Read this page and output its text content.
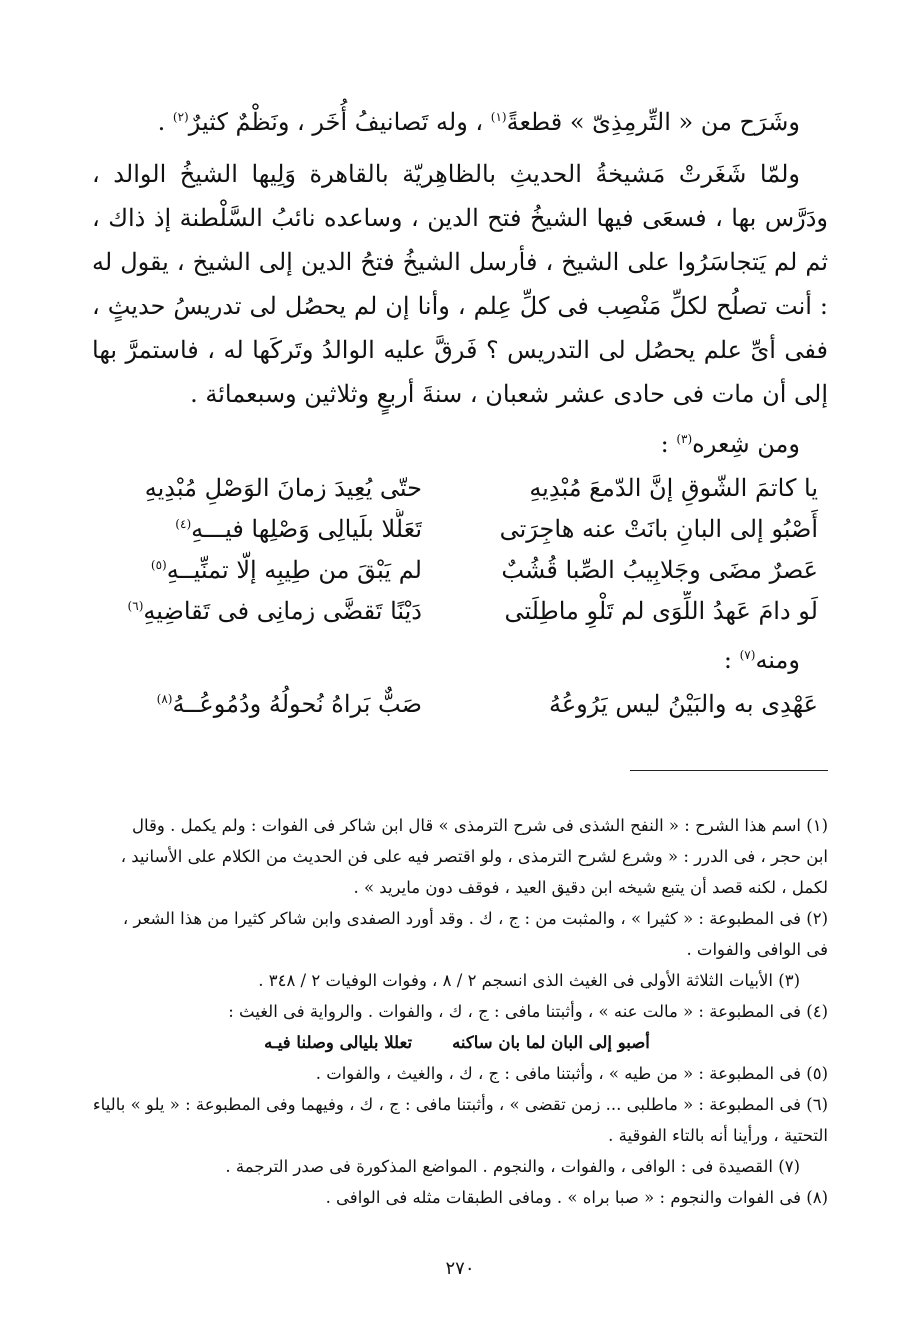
وشَرَح من « التِّرمِذِىّ » قطعةً$^{(١)}$ ، وله تَصانيفُ أُخَر ، ونَظْمٌ كثيرٌ$^{(٢)}$ .

ولمّا شَغَرتْ مَشيخةُ الحديثِ بالظاهِريّة بالقاهرة وَلِيها الشيخُ الوالد ، ودَرَّس بها ، فسعَى فيها الشيخُ فتح الدين ، وساعده نائبُ السَّلْطنة إذ ذاك ، ثم لم يَتجاسَرُوا على الشيخ ، فأرسل الشيخُ فتحُ الدين إلى الشيخ ، يقول له : أنت تصلُح لكلِّ مَنْصِب فى كلِّ عِلم ، وأنا إن لم يحصُل لى تدريسُ حديثٍ ، ففى أىِّ علم يحصُل لى التدريس ؟ فَرقَّ عليه الوالدُ وتَركَها له ، فاستمرَّ بها إلى أن مات فى حادى عشر شعبان ، سنةَ أربعٍ وثلاثين وسبعمائة .

ومن شِعره$^{(٣)}$ :

يا كاتمَ الشّوقِ إنَّ الدّمعَ مُبْدِيهِ
حتّى يُعِيدَ زمانَ الوَصْلِ مُبْدِيهِ
أَصْبُو إلى البانِ بانَتْ عنه هاجِرَتى
تَعَلُّلا بلَيالِى وَصْلِها فيـــهِ$^{(٤)}$
عَصرٌ مضَى وجَلابِيبُ الصِّبا قُشُبٌ
لم يَبْقَ من طِيبِه إلّا تمنِّيــهِ$^{(٥)}$
لَو دامَ عَهدُ اللِّوَى لم تَلْوِ ماطِلَتى
دَيْنًا تَقضَّى زمانِى فى تَقاضِيهِ$^{(٦)}$

ومنه$^{(٧)}$ :

عَهْدِى به والبَيْنُ ليس يَرُوعُهُ
صَبٌّ بَراهُ نُحولُهُ ودُمُوعُــهُ$^{(٨)}$

(١) اسم هذا الشرح : « النفح الشذى فى شرح الترمذى » قال ابن شاكر فى الفوات : ولم يكمل . وقال

ابن حجر ، فى الدرر : « وشرع لشرح الترمذى ، ولو اقتصر فيه على فن الحديث من الكلام على الأسانيد ،

لكمل ، لكنه قصد أن يتبع شيخه ابن دقيق العيد ، فوقف دون مايريد » .

(٢) فى المطبوعة : « كثيرا » ، والمثبت من : ج ، ك . وقد أورد الصفدى وابن شاكر كثيرا من هذا الشعر ،

فى الوافى والفوات .

(٣) الأبيات الثلاثة الأولى فى الغيث الذى انسجم ٢ / ٨ ، وفوات الوفيات ٢ / ٣٤٨ .

(٤) فى المطبوعة : « مالت عنه » ، وأثبتنا مافى : ج ، ك ، والفوات . والرواية فى الغيث :

أصبو إلى البان لما بان ساكنه
تعللا بليالى وصلنا فيـه

(٥) فى المطبوعة : « من طيه » ، وأثبتنا مافى : ج ، ك ، والغيث ، والفوات .

(٦) فى المطبوعة : « ماطلبى ... زمن تقضى » ، وأثبتنا مافى : ج ، ك ، وفيهما وفى المطبوعة : « يلو » بالياء

التحتية ، ورأينا أنه بالتاء الفوقية .

(٧) القصيدة فى : الوافى ، والفوات ، والنجوم . المواضع المذكورة فى صدر الترجمة .

(٨) فى الفوات والنجوم : « صبا براه » . ومافى الطبقات مثله فى الوافى .

٢٧٠
